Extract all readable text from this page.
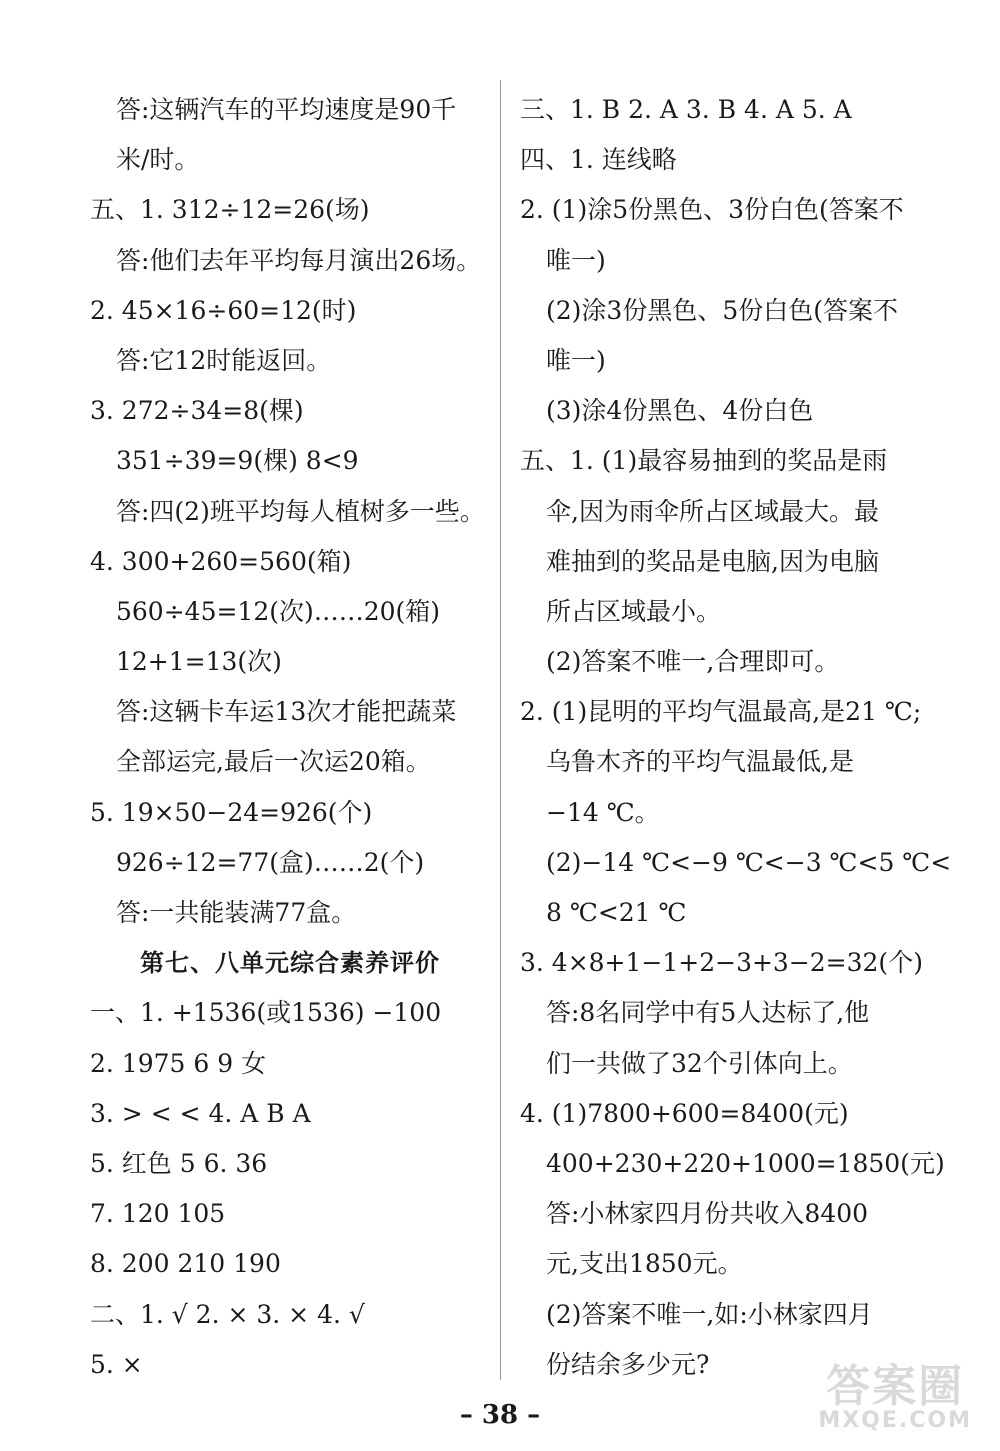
答:这辆汽车的平均速度是90千
米/时。
五、1. 312÷12=26(场)
答:他们去年平均每月演出26场。
2. 45×16÷60=12(时)
答:它12时能返回。
3. 272÷34=8(棵)
351÷39=9(棵) 8<9
答:四(2)班平均每人植树多一些。
4. 300+260=560(箱)
560÷45=12(次)……20(箱)
12+1=13(次)
答:这辆卡车运13次才能把蔬菜
全部运完,最后一次运20箱。
5. 19×50−24=926(个)
926÷12=77(盒)……2(个)
答:一共能装满77盒。
第七、八单元综合素养评价
一、1. +1536(或1536) −100
2. 1975 6 9 女
3. > < < 4. A B A
5. 红色 5 6. 36
7. 120 105
8. 200 210 190
二、1. √ 2. × 3. × 4. √
5. ×
三、1. B 2. A 3. B 4. A 5. A
四、1. 连线略
2. (1)涂5份黑色、3份白色(答案不
唯一)
(2)涂3份黑色、5份白色(答案不
唯一)
(3)涂4份黑色、4份白色
五、1. (1)最容易抽到的奖品是雨
伞,因为雨伞所占区域最大。最
难抽到的奖品是电脑,因为电脑
所占区域最小。
(2)答案不唯一,合理即可。
2. (1)昆明的平均气温最高,是21 ℃;
乌鲁木齐的平均气温最低,是
−14 ℃。
(2)−14 ℃<−9 ℃<−3 ℃<5 ℃<
8 ℃<21 ℃
3. 4×8+1−1+2−3+3−2=32(个)
答:8名同学中有5人达标了,他
们一共做了32个引体向上。
4. (1)7800+600=8400(元)
400+230+220+1000=1850(元)
答:小林家四月份共收入8400
元,支出1850元。
(2)答案不唯一,如:小林家四月
份结余多少元?
– 38 –
答案圈
MXQE.COM
